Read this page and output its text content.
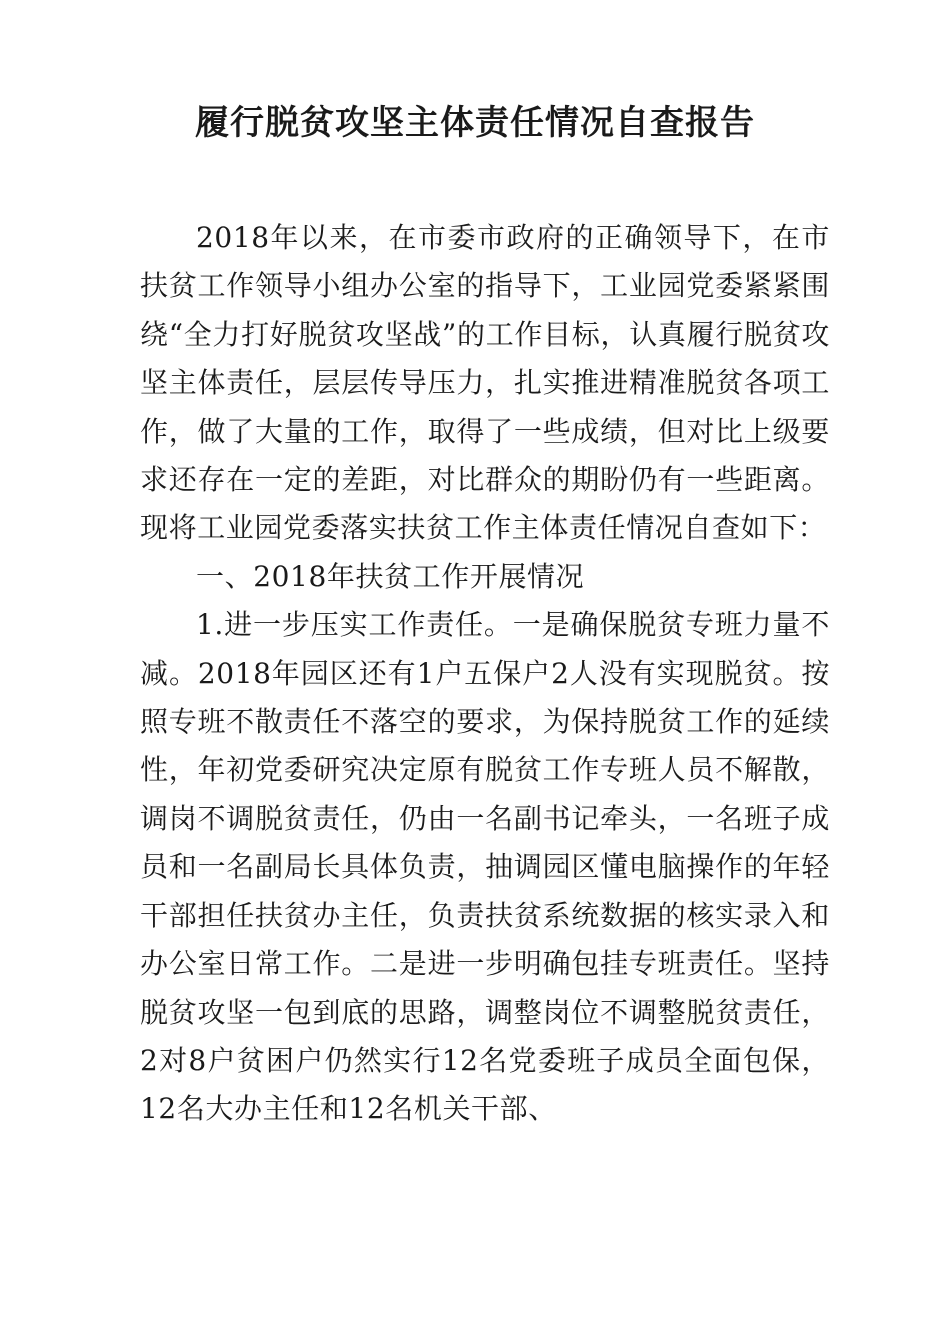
履行脱贫攻坚主体责任情况自查报告

2018年以来，在市委市政府的正确领导下，在市扶贫工作领导小组办公室的指导下，工业园党委紧紧围绕“全力打好脱贫攻坚战”的工作目标，认真履行脱贫攻坚主体责任，层层传导压力，扎实推进精准脱贫各项工作，做了大量的工作，取得了一些成绩，但对比上级要求还存在一定的差距，对比群众的期盼仍有一些距离。现将工业园党委落实扶贫工作主体责任情况自查如下：

一、2018年扶贫工作开展情况

1.进一步压实工作责任。一是确保脱贫专班力量不减。2018年园区还有1户五保户2人没有实现脱贫。按照专班不散责任不落空的要求，为保持脱贫工作的延续性，年初党委研究决定原有脱贫工作专班人员不解散，调岗不调脱贫责任，仍由一名副书记牵头，一名班子成员和一名副局长具体负责，抽调园区懂电脑操作的年轻干部担任扶贫办主任，负责扶贫系统数据的核实录入和办公室日常工作。二是进一步明确包挂专班责任。坚持脱贫攻坚一包到底的思路，调整岗位不调整脱贫责任，2对8户贫困户仍然实行12名党委班子成员全面包保，12名大办主任和12名机关干部、
